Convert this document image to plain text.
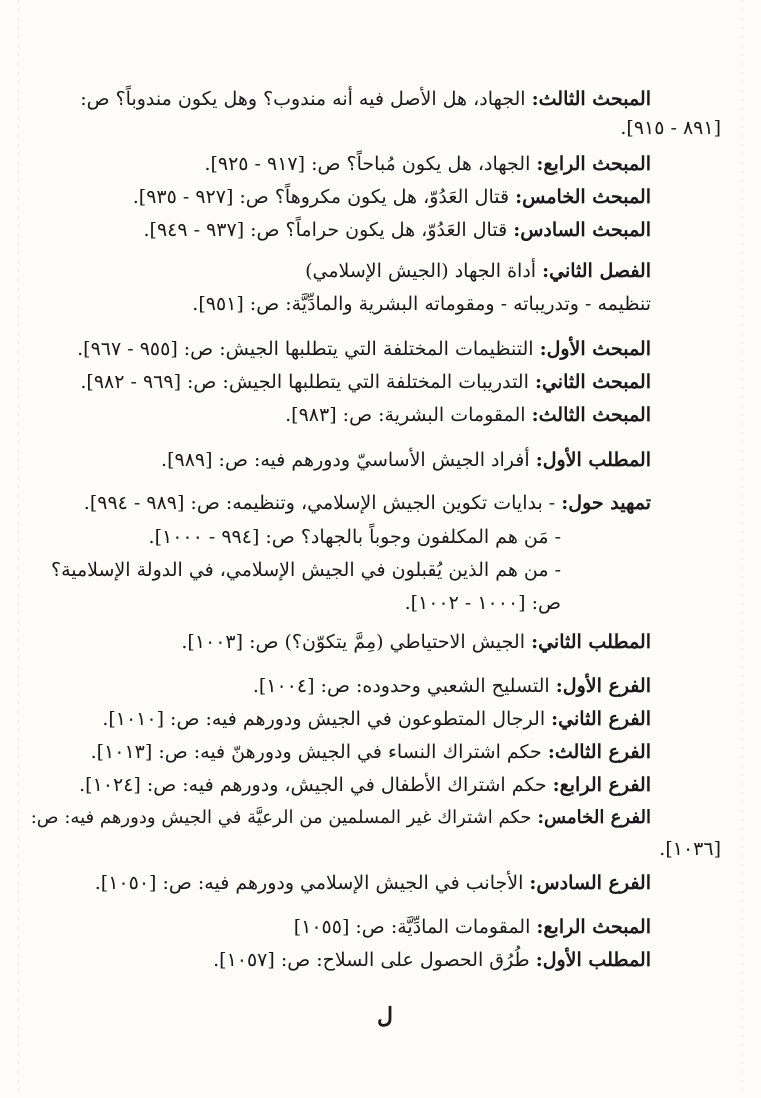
المبحث الثالث: الجهاد، هل الأصل فيه أنه مندوب؟ وهل يكون مندوباً؟ ص:
[٨٩١ - ٩١٥].
المبحث الرابع: الجهاد، هل يكون مُباحاً؟ ص: [٩١٧ - ٩٢٥].
المبحث الخامس: قتال العَدُوّ، هل يكون مكروهاً؟ ص: [٩٢٧ - ٩٣٥].
المبحث السادس: قتال العَدُوّ، هل يكون حراماً؟ ص: [٩٣٧ - ٩٤٩].
الفصل الثاني: أداة الجهاد (الجيش الإسلامي)
تنظيمه - وتدريباته - ومقوماته البشرية والمادِّيَّة: ص: [٩٥١].
المبحث الأول: التنظيمات المختلفة التي يتطلبها الجيش: ص: [٩٥٥ - ٩٦٧].
المبحث الثاني: التدريبات المختلفة التي يتطلبها الجيش: ص: [٩٦٩ - ٩٨٢].
المبحث الثالث: المقومات البشرية: ص: [٩٨٣].
المطلب الأول: أفراد الجيش الأساسيّ ودورهم فيه: ص: [٩٨٩].
تمهيد حول: - بدايات تكوين الجيش الإسلامي، وتنظيمه: ص: [٩٨٩ - ٩٩٤].
- مَن هم المكلفون وجوباً بالجهاد؟ ص: [٩٩٤ - ١٠٠٠].
- من هم الذين يُقبلون في الجيش الإسلامي، في الدولة الإسلامية؟
ص: [١٠٠٠ - ١٠٠٢].
المطلب الثاني: الجيش الاحتياطي (مِمَّ يتكوّن؟) ص: [١٠٠٣].
الفرع الأول: التسليح الشعبي وحدوده: ص: [١٠٠٤].
الفرع الثاني: الرجال المتطوعون في الجيش ودورهم فيه: ص: [١٠١٠].
الفرع الثالث: حكم اشتراك النساء في الجيش ودورهنّ فيه: ص: [١٠١٣].
الفرع الرابع: حكم اشتراك الأطفال في الجيش، ودورهم فيه: ص: [١٠٢٤].
الفرع الخامس: حكم اشتراك غير المسلمين من الرعيَّة في الجيش ودورهم فيه: ص:
[١٠٣٦].
الفرع السادس: الأجانب في الجيش الإسلامي ودورهم فيه: ص: [١٠٥٠].
المبحث الرابع: المقومات المادِّيَّة: ص: [١٠٥٥]
المطلب الأول: طُرُق الحصول على السلاح: ص: [١٠٥٧].
ل
